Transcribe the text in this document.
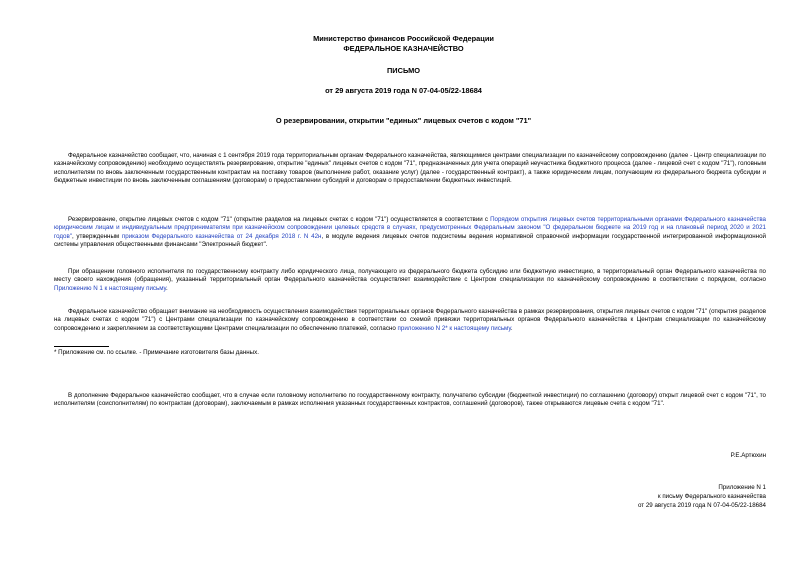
Министерство финансов Российской Федерации
ФЕДЕРАЛЬНОЕ КАЗНАЧЕЙСТВО
ПИСЬМО
от 29 августа 2019 года N 07-04-05/22-18684
О резервировании, открытии "единых" лицевых счетов с кодом "71"

Федеральное казначейство сообщает, что, начиная с 1 сентября 2019 года территориальным органам Федерального казначейства, являющимися центрами специализации по казначейскому сопровождению (далее - Центр специализации по казначейскому сопровождению) необходимо осуществлять резервирование, открытие "единых" лицевых счетов с кодом "71", предназначенных для учета операций неучастника бюджетного процесса (далее - лицевой счет с кодом "71"), головным исполнителям по вновь заключенным государственным контрактам на поставку товаров (выполнение работ, оказание услуг) (далее - государственный контракт), а также юридическим лицам, получающим из федерального бюджета субсидии и бюджетные инвестиции по вновь заключенным соглашениям (договорам) о предоставлении субсидий и договорам о предоставлении бюджетных инвестиций.

Резервирование, открытие лицевых счетов с кодом "71" (открытие разделов на лицевых счетах с кодом "71") осуществляется в соответствии с Порядком открытия лицевых счетов территориальными органами Федерального казначейства юридическим лицам и индивидуальным предпринимателям при казначейском сопровождении целевых средств в случаях, предусмотренных Федеральным законом "О федеральном бюджете на 2019 год и на плановый период 2020 и 2021 годов", утвержденным приказом Федерального казначейства от 24 декабря 2018 г. N 42н, в модуле ведения лицевых счетов подсистемы ведения нормативной справочной информации государственной интегрированной информационной системы управления общественными финансами "Электронный бюджет".

При обращении головного исполнителя по государственному контракту либо юридического лица, получающего из федерального бюджета субсидию или бюджетную инвестицию, в территориальный орган Федерального казначейства по месту своего нахождения (обращения), указанный территориальный орган Федерального казначейства осуществляет взаимодействие с Центром специализации по казначейскому сопровождению в соответствии с порядком, согласно Приложению N 1 к настоящему письму.

Федеральное казначейство обращает внимание на необходимость осуществления взаимодействия территориальных органов Федерального казначейства в рамках резервирования, открытия лицевых счетов с кодом "71" (открытия разделов на лицевых счетах с кодом "71") с Центрами специализации по казначейскому сопровождению в соответствии со схемой привязки территориальных органов Федерального казначейства к Центрам специализации по казначейскому сопровождению и закреплением за соответствующими Центрами специализации по обеспечению платежей, согласно приложению N 2* к настоящему письму.

* Приложение см. по ссылке. - Примечание изготовителя базы данных.

В дополнение Федеральное казначейство сообщает, что в случае если головному исполнителю по государственному контракту, получателю субсидии (бюджетной инвестиции) по соглашению (договору) открыт лицевой счет с кодом "71", то исполнителям (соисполнителям) по контрактам (договорам), заключаемым в рамках исполнения указанных государственных контрактов, соглашений (договоров), также открываются лицевые счета с кодом "71".

Р.Е.Артюхин
Приложение N 1
к письму Федерального казначейства
от 29 августа 2019 года N 07-04-05/22-18684
